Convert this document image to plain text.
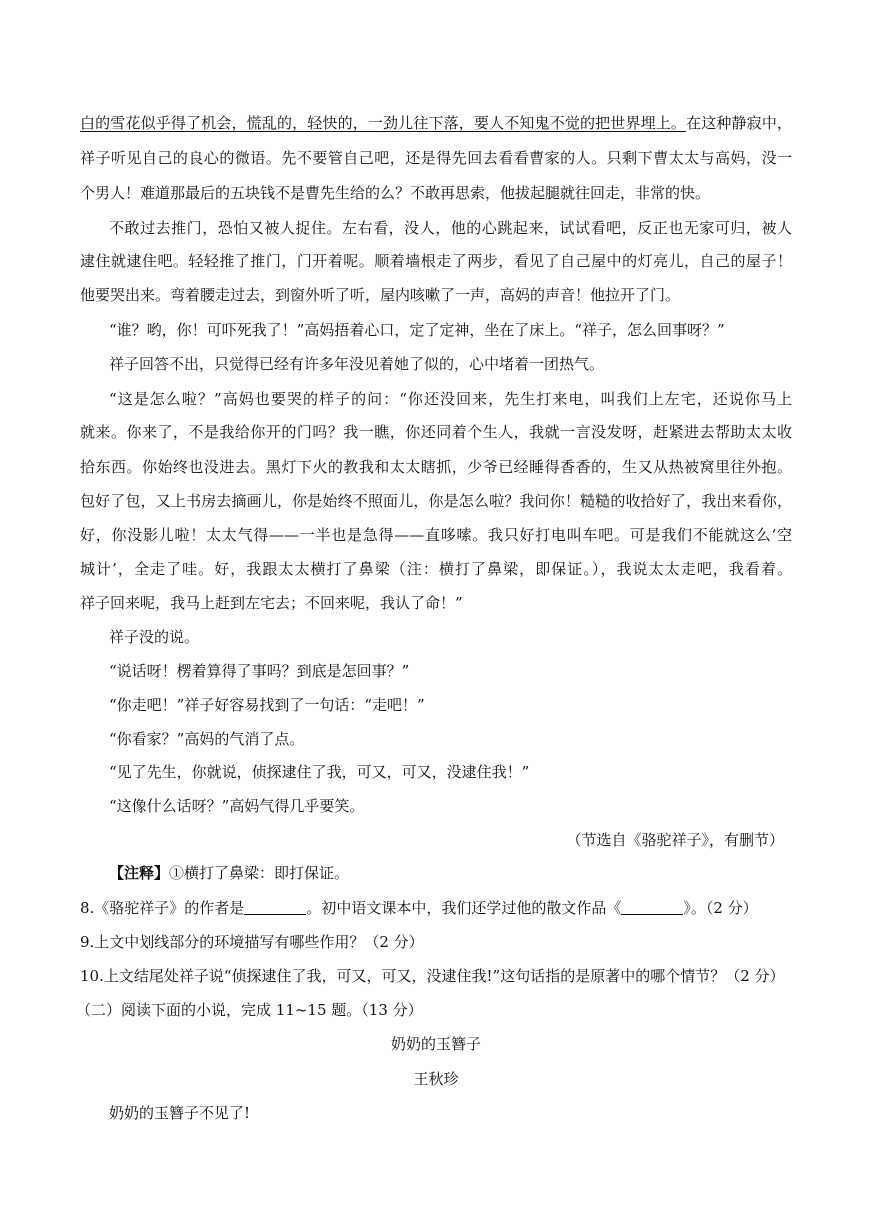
白的雪花似乎得了机会，慌乱的，轻快的，一劲儿往下落，要人不知鬼不觉的把世界埋上。在这种静寂中，
祥子听见自己的良心的微语。先不要管自己吧，还是得先回去看看曹家的人。只剩下曹太太与高妈，没一
个男人！难道那最后的五块钱不是曹先生给的么？不敢再思索，他拔起腿就往回走，非常的快。
不敢过去推门，恐怕又被人捉住。左右看，没人，他的心跳起来，试试看吧，反正也无家可归，被人
逮住就逮住吧。轻轻推了推门，门开着呢。顺着墙根走了两步，看见了自己屋中的灯亮儿，自己的屋子！
他要哭出来。弯着腰走过去，到窗外听了听，屋内咳嗽了一声，高妈的声音！他拉开了门。
“谁？哟，你！可吓死我了！”高妈捂着心口，定了定神，坐在了床上。“祥子，怎么回事呀？”
祥子回答不出，只觉得已经有许多年没见着她了似的，心中堵着一团热气。
“这是怎么啦？”高妈也要哭的样子的问：“你还没回来，先生打来电，叫我们上左宅，还说你马上
就来。你来了，不是我给你开的门吗？我一瞧，你还同着个生人，我就一言没发呀，赶紧进去帮助太太收
拾东西。你始终也没进去。黑灯下火的教我和太太瞎抓，少爷已经睡得香香的，生又从热被窝里往外抱。
包好了包，又上书房去摘画儿，你是始终不照面儿，你是怎么啦？我问你！糙糙的收拾好了，我出来看你，
好，你没影儿啦！太太气得——一半也是急得——直哆嗦。我只好打电叫车吧。可是我们不能就这么‘空
城计’，全走了哇。好，我跟太太横打了鼻梁（注：横打了鼻梁，即保证。），我说太太走吧，我看着。
祥子回来呢，我马上赶到左宅去；不回来呢，我认了命！”
祥子没的说。
“说话呀！楞着算得了事吗？到底是怎回事？”
“你走吧！”祥子好容易找到了一句话：“走吧！”
“你看家？”高妈的气消了点。
“见了先生，你就说，侦探逮住了我，可又，可又，没逮住我！”
“这像什么话呀？”高妈气得几乎要笑。
（节选自《骆驼祥子》，有删节）
【注释】①横打了鼻梁：即打保证。
8.《骆驼祥子》的作者是	。初中语文课本中，我们还学过他的散文作品《	》。（2 分）
9.上文中划线部分的环境描写有哪些作用？（2 分）
10.上文结尾处祥子说“侦探逮住了我，可又，可又，没逮住我!”这句话指的是原著中的哪个情节？（2 分）
（二）阅读下面的小说，完成 11~15 题。（13 分）
奶奶的玉簪子
王秋珍
奶奶的玉簪子不见了!
